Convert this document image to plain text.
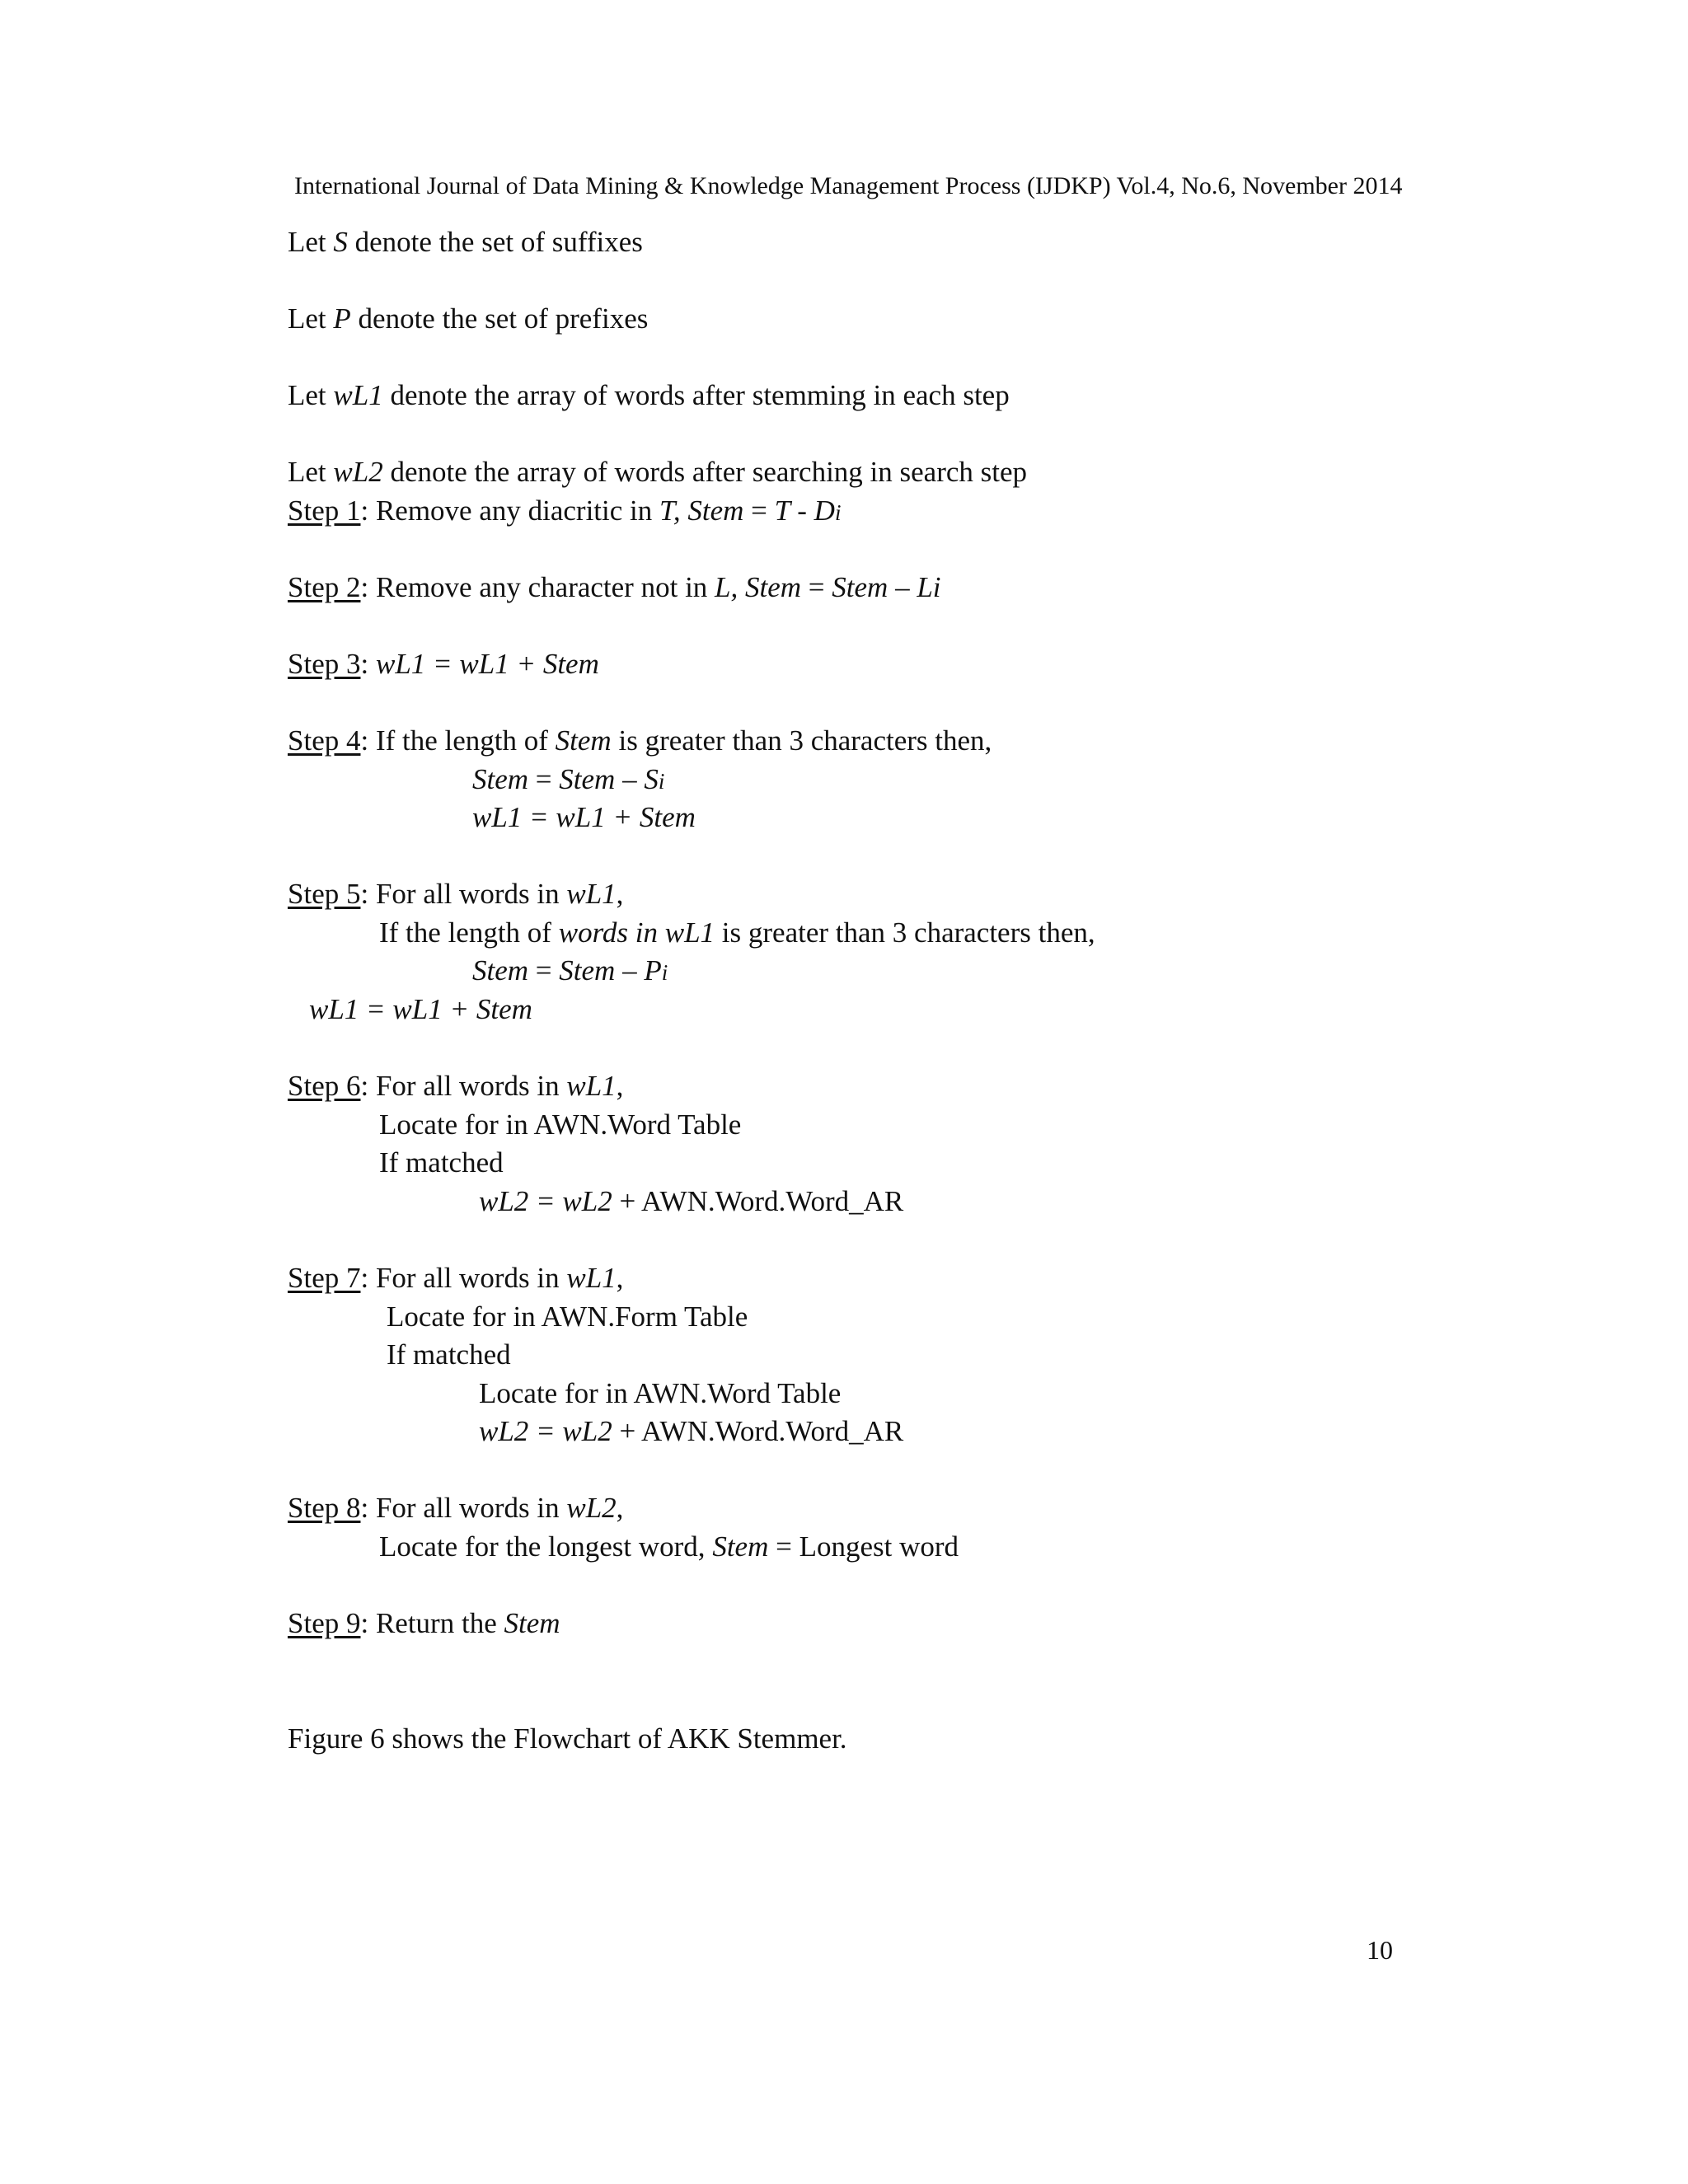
International Journal of Data Mining & Knowledge Management Process (IJDKP) Vol.4, No.6, November 2014
Let S denote the set of suffixes
Let P denote the set of prefixes
Let wL1 denote the array of words after stemming in each step
Let wL2 denote the array of words after searching in search step
Step 1: Remove any diacritic in T, Stem = T - Di
Step 2: Remove any character not in L, Stem = Stem – Li
Step 3: wL1 = wL1 + Stem
Step 4: If the length of Stem is greater than 3 characters then,
Stem = Stem – Si
wL1 = wL1 + Stem
Step 5: For all words in wL1,
If the length of words in wL1 is greater than 3 characters then,
Stem = Stem – Pi
wL1 = wL1 + Stem
Step 6: For all words in wL1,
Locate for in AWN.Word Table
If matched
wL2 = wL2 + AWN.Word.Word_AR
Step 7: For all words in wL1,
Locate for in AWN.Form Table
If matched
Locate for in AWN.Word Table
wL2 = wL2 + AWN.Word.Word_AR
Step 8: For all words in wL2,
Locate for the longest word, Stem = Longest word
Step 9: Return the Stem
Figure 6 shows the Flowchart of AKK Stemmer.
10
